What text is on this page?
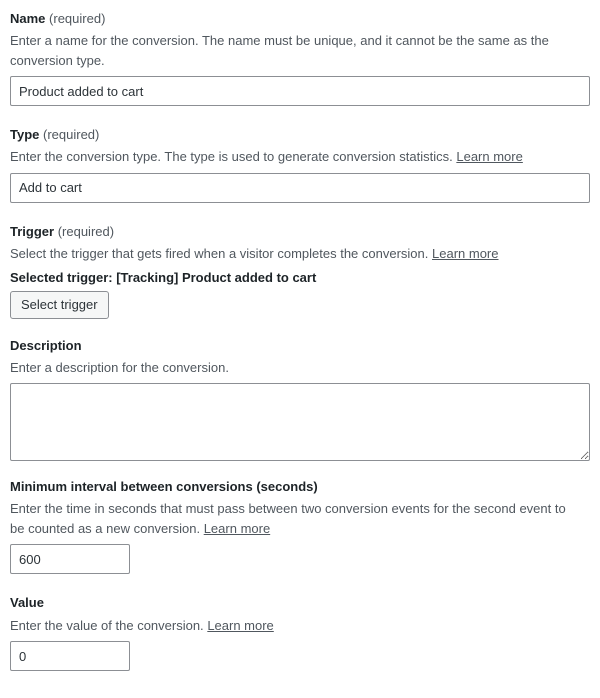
Name (required)
Enter a name for the conversion. The name must be unique, and it cannot be the same as the conversion type.
Product added to cart
Type (required)
Enter the conversion type. The type is used to generate conversion statistics. Learn more
Add to cart
Trigger (required)
Select the trigger that gets fired when a visitor completes the conversion. Learn more
Selected trigger: [Tracking] Product added to cart
Select trigger
Description
Enter a description for the conversion.
Minimum interval between conversions (seconds)
Enter the time in seconds that must pass between two conversion events for the second event to be counted as a new conversion. Learn more
600
Value
Enter the value of the conversion. Learn more
0
